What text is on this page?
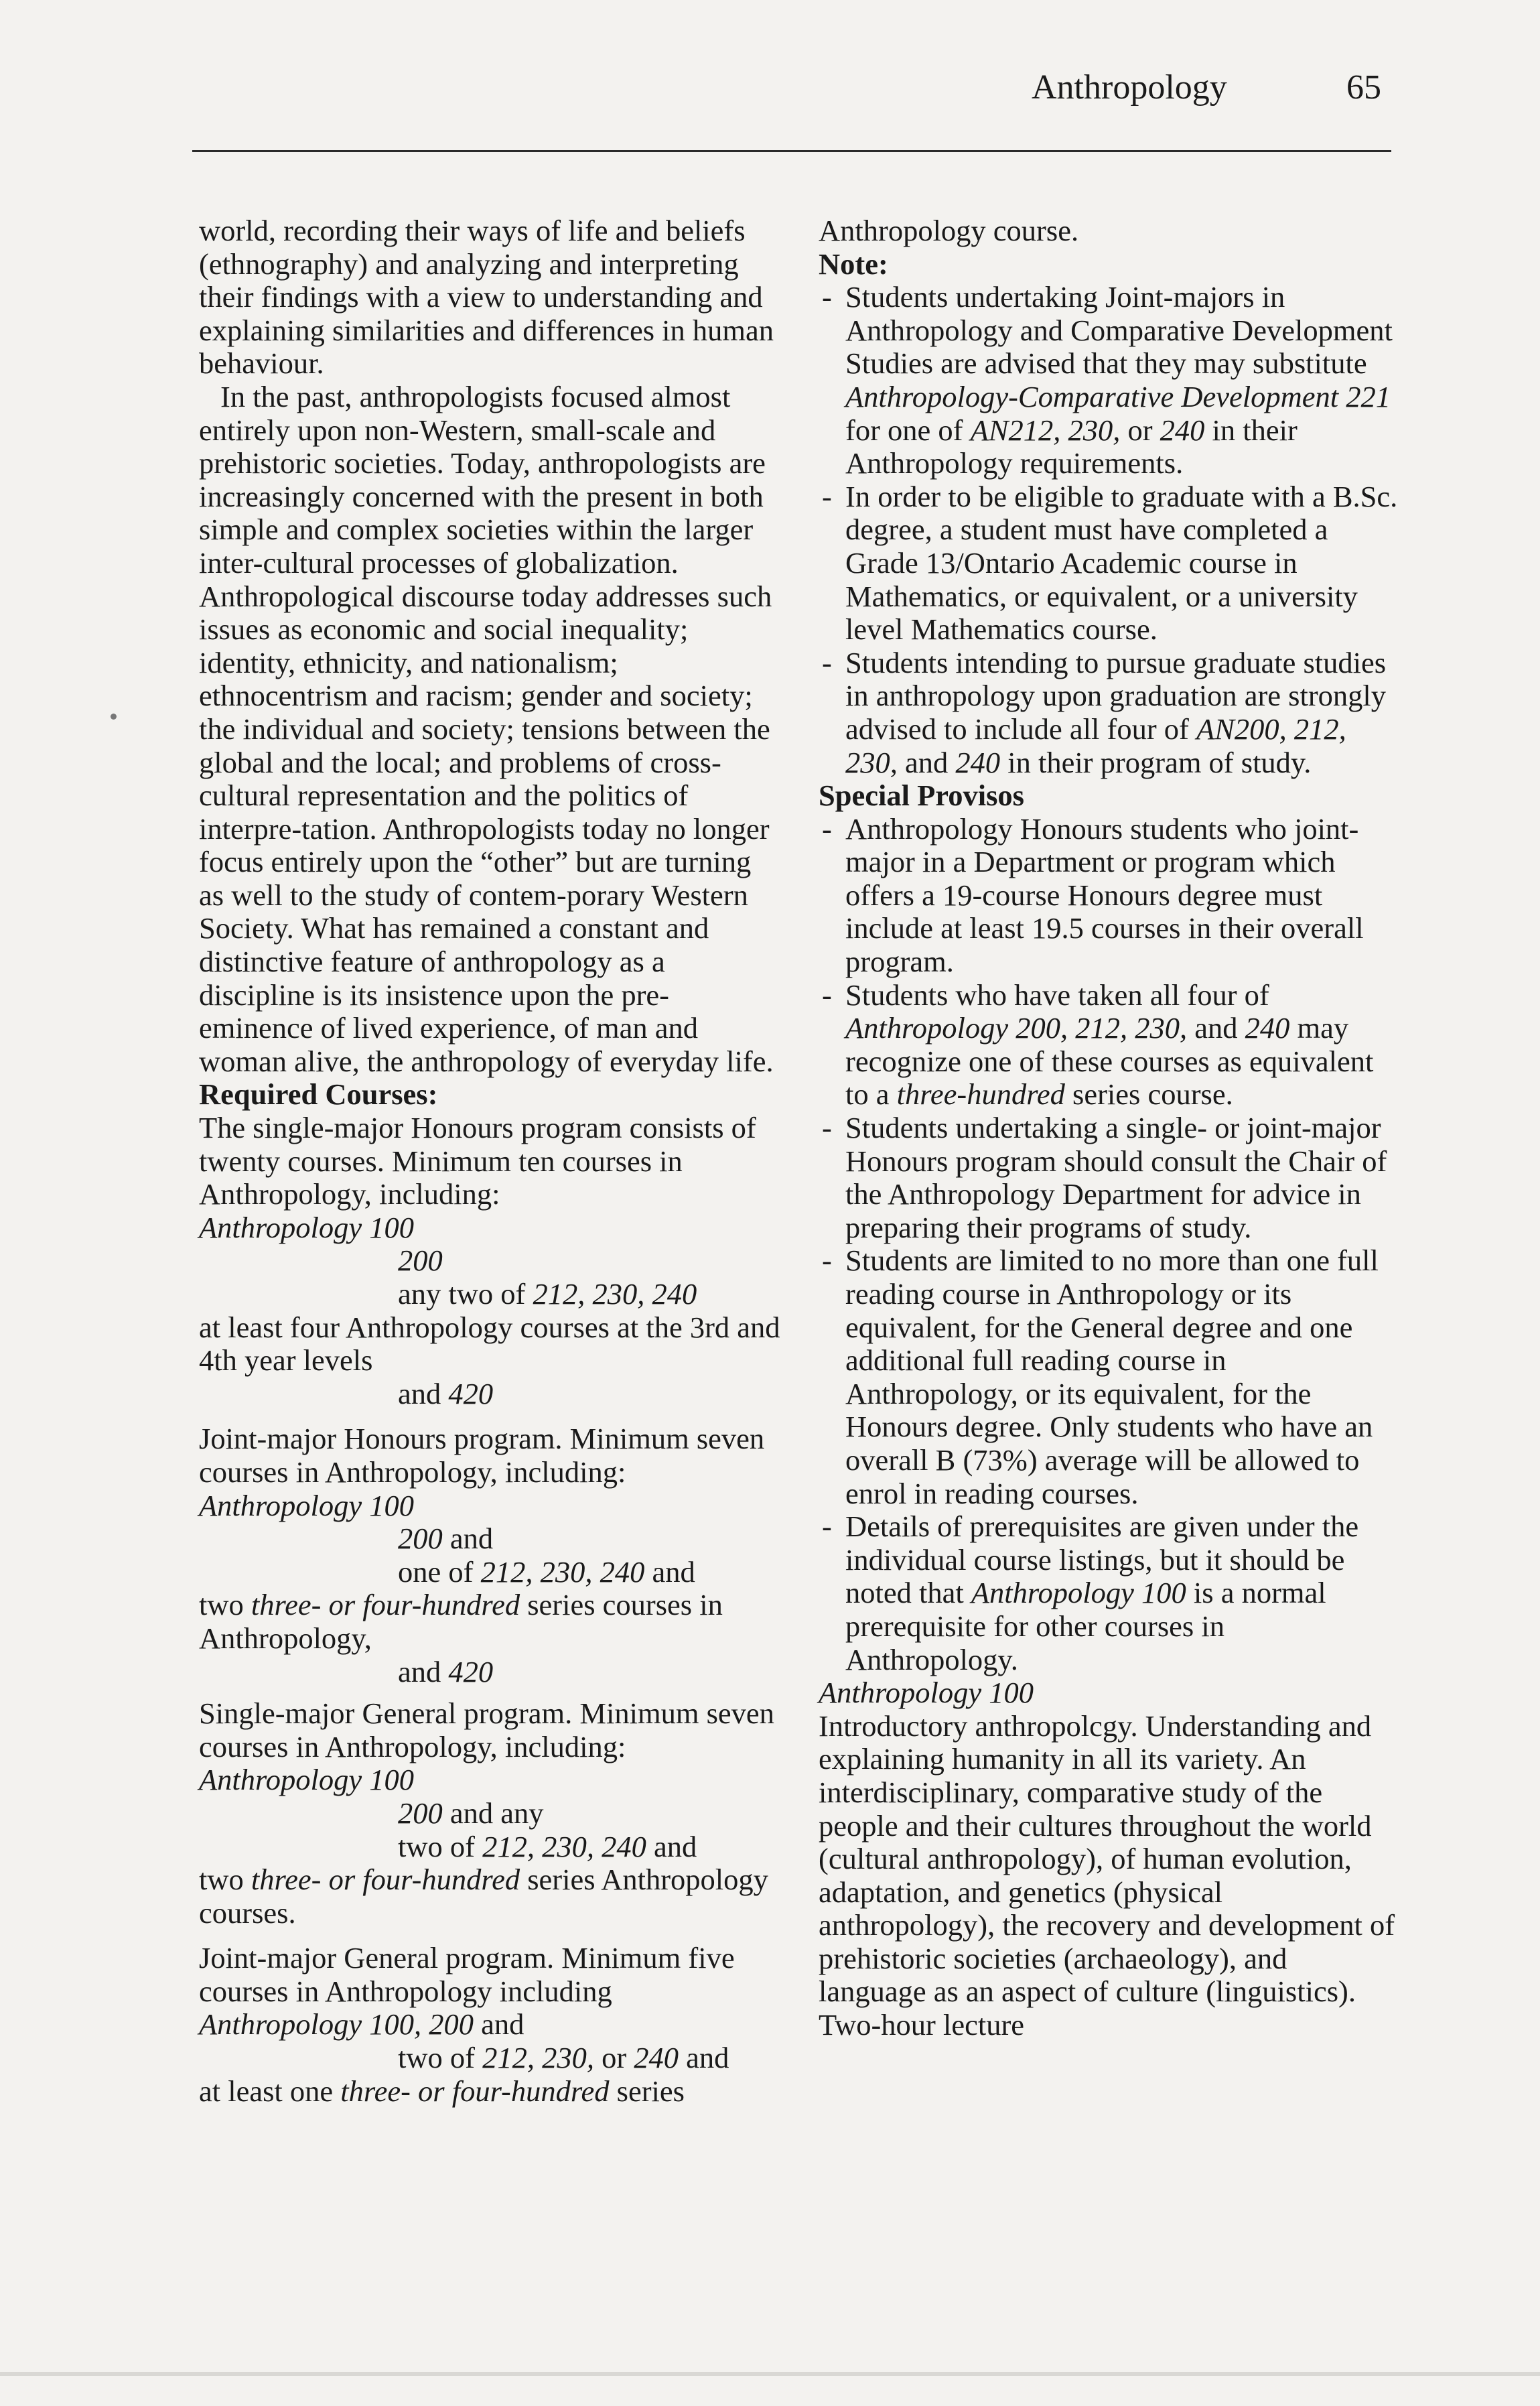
Anthropology	65

world, recording their ways of life and beliefs (ethnography) and analyzing and interpreting their findings with a view to understanding and explaining similarities and differences in human behaviour.

In the past, anthropologists focused almost entirely upon non-Western, small-scale and prehistoric societies. Today, anthropologists are increasingly concerned with the present in both simple and complex societies within the larger inter-cultural processes of globalization. Anthropological discourse today addresses such issues as economic and social inequality; identity, ethnicity, and nationalism; ethnocentrism and racism; gender and society; the individual and society; tensions between the global and the local; and problems of cross-cultural representation and the politics of interpre-tation. Anthropologists today no longer focus entirely upon the “other” but are turning as well to the study of contem-porary Western Society. What has remained a constant and distinctive feature of anthropology as a discipline is its insistence upon the pre-eminence of lived experience, of man and woman alive, the anthropology of everyday life.

Required Courses:

The single-major Honours program consists of twenty courses. Minimum ten courses in Anthropology, including:

Anthropology 100

200

any two of 212, 230, 240

at least four Anthropology courses at the 3rd and 4th year levels

and 420

Joint-major Honours program. Minimum seven courses in Anthropology, including:

Anthropology 100

200 and

one of 212, 230, 240 and

two three- or four-hundred series courses in Anthropology,

and 420

Single-major General program. Minimum seven courses in Anthropology, including:

Anthropology 100

200 and any

two of 212, 230, 240 and

two three- or four-hundred series Anthropology courses.

Joint-major General program. Minimum five courses in Anthropology including

Anthropology 100, 200 and

two of 212, 230, or 240 and

at least one three- or four-hundred series

Anthropology course.

Note:

- Students undertaking Joint-majors in Anthropology and Comparative Development Studies are advised that they may substitute Anthropology-Comparative Development 221 for one of AN212, 230, or 240 in their Anthropology requirements.
- In order to be eligible to graduate with a B.Sc. degree, a student must have completed a Grade 13/Ontario Academic course in Mathematics, or equivalent, or a university level Mathematics course.
- Students intending to pursue graduate studies in anthropology upon graduation are strongly advised to include all four of AN200, 212, 230, and 240 in their program of study.

Special Provisos

- Anthropology Honours students who joint-major in a Department or program which offers a 19-course Honours degree must include at least 19.5 courses in their overall program.
- Students who have taken all four of Anthropology 200, 212, 230, and 240 may recognize one of these courses as equivalent to a three-hundred series course.
- Students undertaking a single- or joint-major Honours program should consult the Chair of the Anthropology Department for advice in preparing their programs of study.
- Students are limited to no more than one full reading course in Anthropology or its equivalent, for the General degree and one additional full reading course in Anthropology, or its equivalent, for the Honours degree. Only students who have an overall B (73%) average will be allowed to enrol in reading courses.
- Details of prerequisites are given under the individual course listings, but it should be noted that Anthropology 100 is a normal prerequisite for other courses in Anthropology.

Anthropology 100

Introductory anthropolcgy. Understanding and explaining humanity in all its variety. An interdisciplinary, comparative study of the people and their cultures throughout the world (cultural anthropology), of human evolution, adaptation, and genetics (physical anthropology), the recovery and development of prehistoric societies (archaeology), and language as an aspect of culture (linguistics). Two-hour lecture
